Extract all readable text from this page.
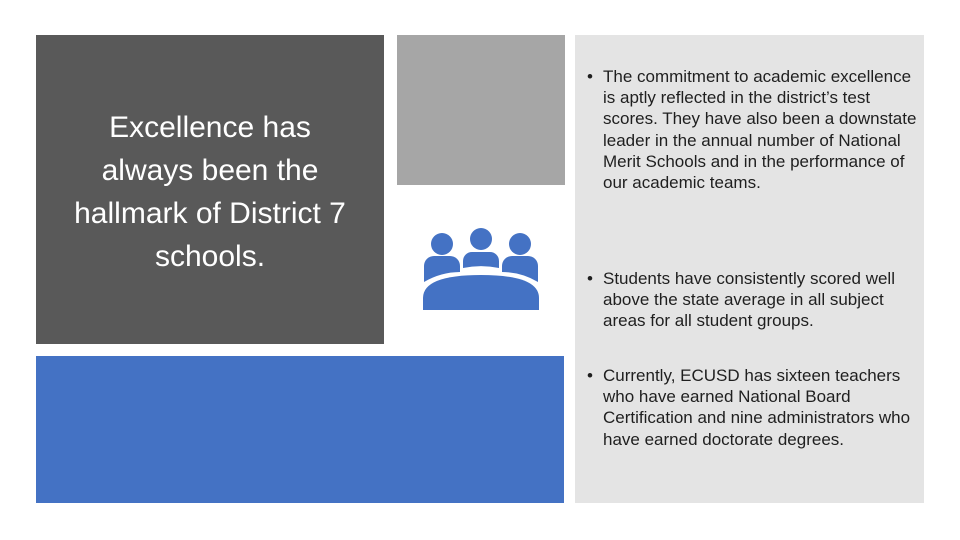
Excellence has always been the hallmark of District 7 schools.
• The commitment to academic excellence is aptly reflected in the district’s test scores. They have also been a downstate leader in the annual number of National Merit Schools and in the performance of our academic teams.
• Students have consistently scored well above the state average in all subject areas for all student groups.
• Currently, ECUSD has sixteen teachers who have earned National Board Certification and nine administrators who have earned doctorate degrees.
